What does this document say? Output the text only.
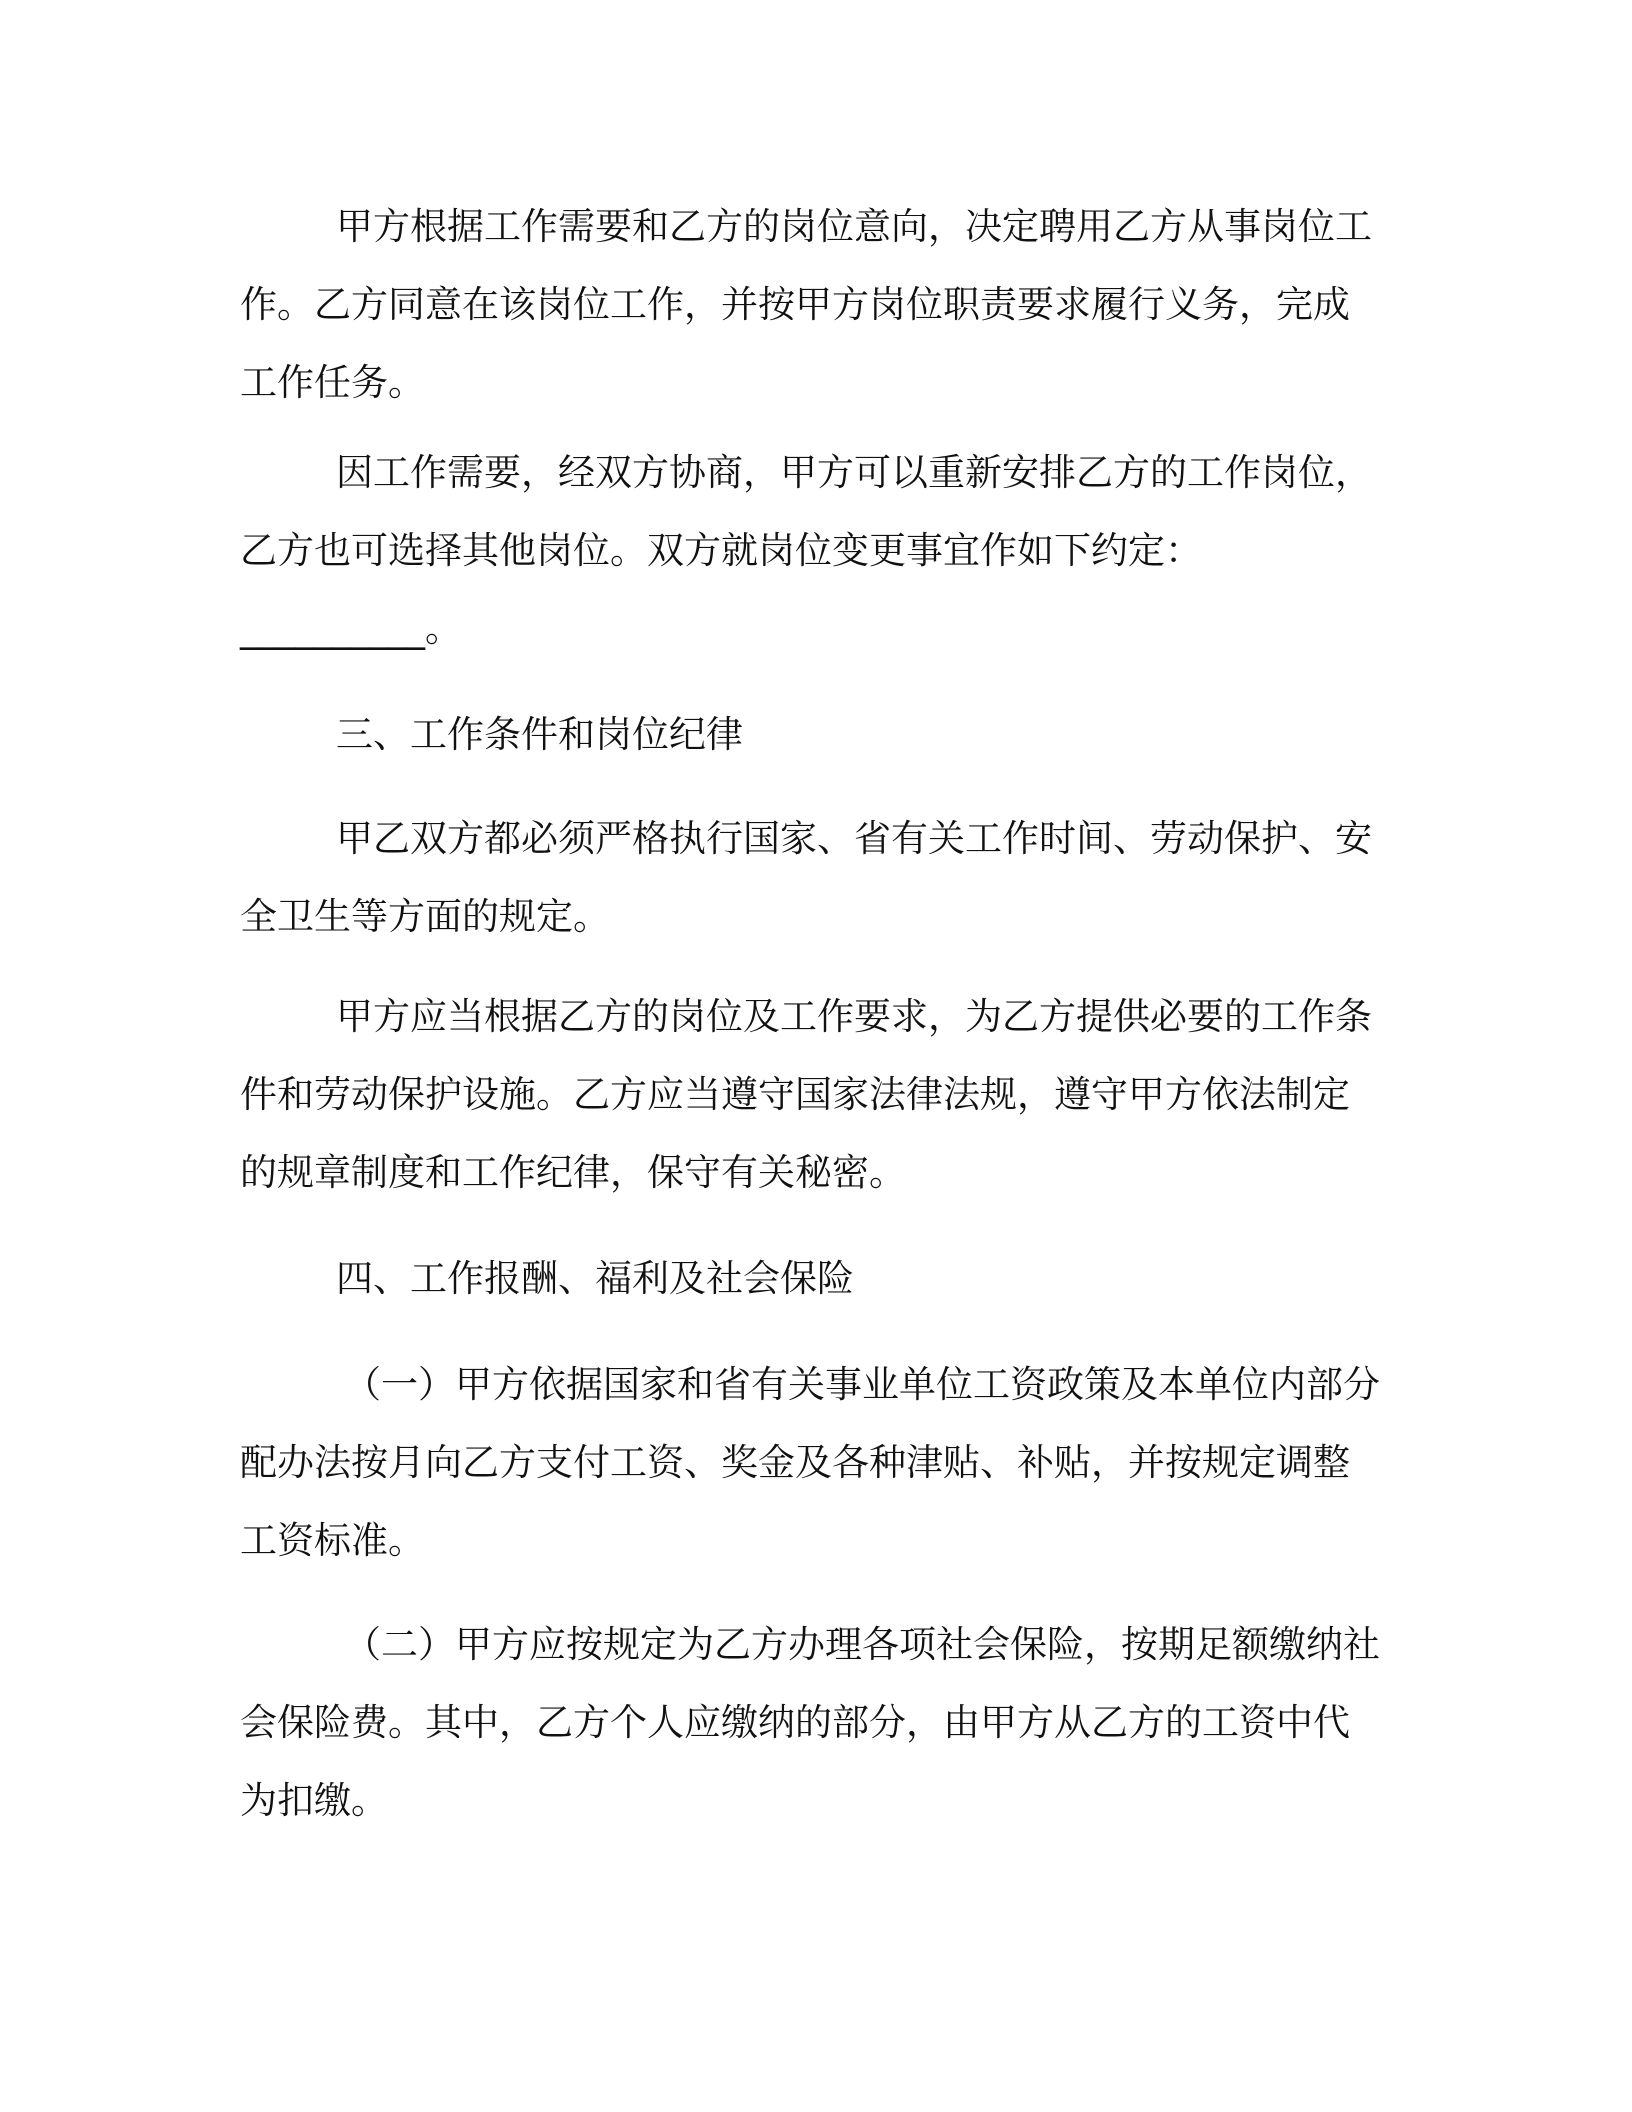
甲方根据工作需要和乙方的岗位意向，决定聘用乙方从事岗位工
作。乙方同意在该岗位工作，并按甲方岗位职责要求履行义务，完成
工作任务。

因工作需要，经双方协商，甲方可以重新安排乙方的工作岗位，
乙方也可选择其他岗位。双方就岗位变更事宜作如下约定：
__________。

三、工作条件和岗位纪律

甲乙双方都必须严格执行国家、省有关工作时间、劳动保护、安
全卫生等方面的规定。

甲方应当根据乙方的岗位及工作要求，为乙方提供必要的工作条
件和劳动保护设施。乙方应当遵守国家法律法规，遵守甲方依法制定
的规章制度和工作纪律，保守有关秘密。

四、工作报酬、福利及社会保险

（一）甲方依据国家和省有关事业单位工资政策及本单位内部分
配办法按月向乙方支付工资、奖金及各种津贴、补贴，并按规定调整
工资标准。

（二）甲方应按规定为乙方办理各项社会保险，按期足额缴纳社
会保险费。其中，乙方个人应缴纳的部分，由甲方从乙方的工资中代
为扣缴。
